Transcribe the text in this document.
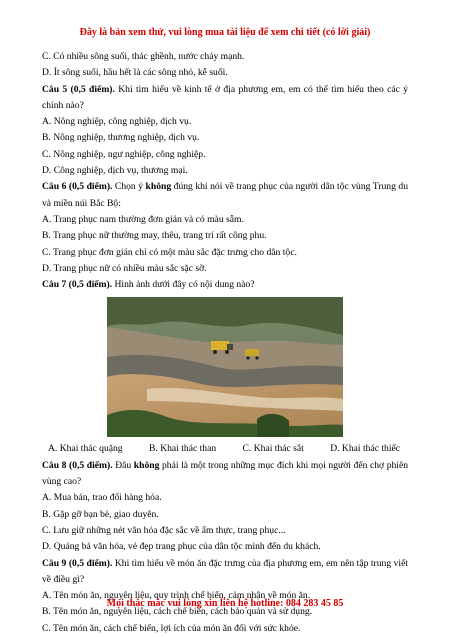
Đây là bản xem thử, vui lòng mua tài liệu để xem chi tiết (có lời giải)
C. Có nhiều sông suối, thác ghềnh, nước chảy mạnh.
D. Ít sông suối, hầu hết là các sông nhỏ, kễ suối.
Câu 5 (0,5 điểm). Khi tìm hiểu về kinh tế ở địa phương em, em có thể tìm hiểu theo các ý chính nào?
A. Nông nghiệp, công nghiệp, dịch vụ.
B. Nông nghiệp, thương nghiệp, dịch vụ.
C. Nông nghiệp, ngư nghiệp, công nghiệp.
D. Công nghiệp, dịch vụ, thương mại.
Câu 6 (0,5 điểm). Chọn ý không đúng khi nói về trang phục của người dân tộc vùng Trung du và miền núi Bắc Bộ:
A. Trang phục nam thường đơn giản và có màu sẫm.
B. Trang phục nữ thường may, thêu, trang trí rất công phu.
C. Trang phục đơn giản chỉ có một màu sắc đặc trưng cho dân tộc.
D. Trang phục nữ có nhiều màu sắc sặc sỡ.
Câu 7 (0,5 điểm). Hình ảnh dưới đây có nội dung nào?
A. Khai thác quặng	B. Khai thác than	C. Khai thác sắt	D. Khai thác thiếc
Câu 8 (0,5 điểm). Đâu không phải là một trong những mục đích khi mọi người đến chợ phiên vùng cao?
A. Mua bán, trao đổi hàng hóa.
B. Gặp gỡ bạn bè, giao duyên.
C. Lưu giữ những nét văn hóa đặc sắc về ẩm thực, trang phục...
D. Quảng bá văn hóa, vẻ đẹp trang phục của dân tộc mình đến du khách.
Câu 9 (0,5 điểm). Khi tìm hiểu về món ăn đặc trưng của địa phương em, em nên tập trung viết về điều gì?
A. Tên món ăn, nguyên liệu, quy trình chế biến, cảm nhận về món ăn.
B. Tên món ăn, nguyên liệu, cách chế biến, cách bảo quản và sử dụng.
C. Tên món ăn, cách chế biến, lợi ích của món ăn đối với sức khỏe.
Mọi thắc mắc vui lòng xin liên hệ hotline: 084 283 45 85
